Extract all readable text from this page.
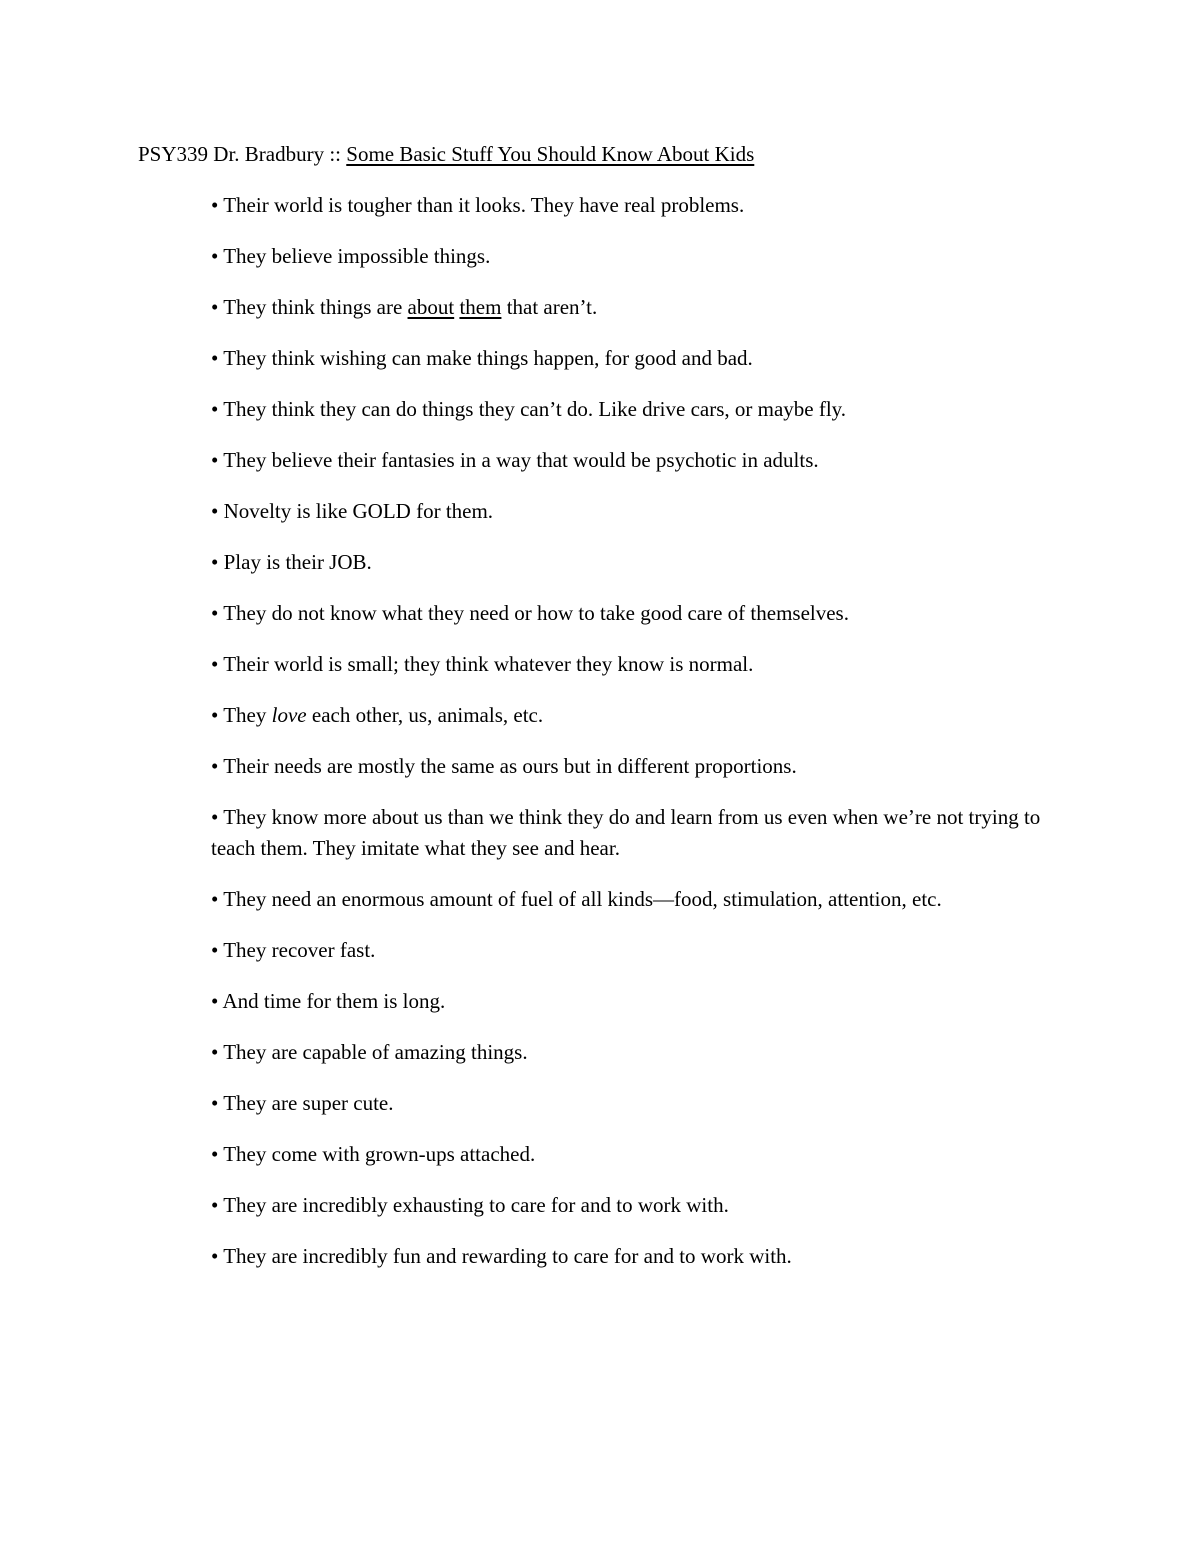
PSY339 Dr. Bradbury :: Some Basic Stuff You Should Know About Kids
• Their world is tougher than it looks. They have real problems.
• They believe impossible things.
• They think things are about them that aren’t.
• They think wishing can make things happen, for good and bad.
• They think they can do things they can’t do. Like drive cars, or maybe fly.
• They believe their fantasies in a way that would be psychotic in adults.
• Novelty is like GOLD for them.
• Play is their JOB.
• They do not know what they need or how to take good care of themselves.
• Their world is small; they think whatever they know is normal.
• They love each other, us, animals, etc.
• Their needs are mostly the same as ours but in different proportions.
• They know more about us than we think they do and learn from us even when we’re not trying to teach them. They imitate what they see and hear.
• They need an enormous amount of fuel of all kinds—food, stimulation, attention, etc.
• They recover fast.
• And time for them is long.
• They are capable of amazing things.
• They are super cute.
• They come with grown-ups attached.
• They are incredibly exhausting to care for and to work with.
• They are incredibly fun and rewarding to care for and to work with.
